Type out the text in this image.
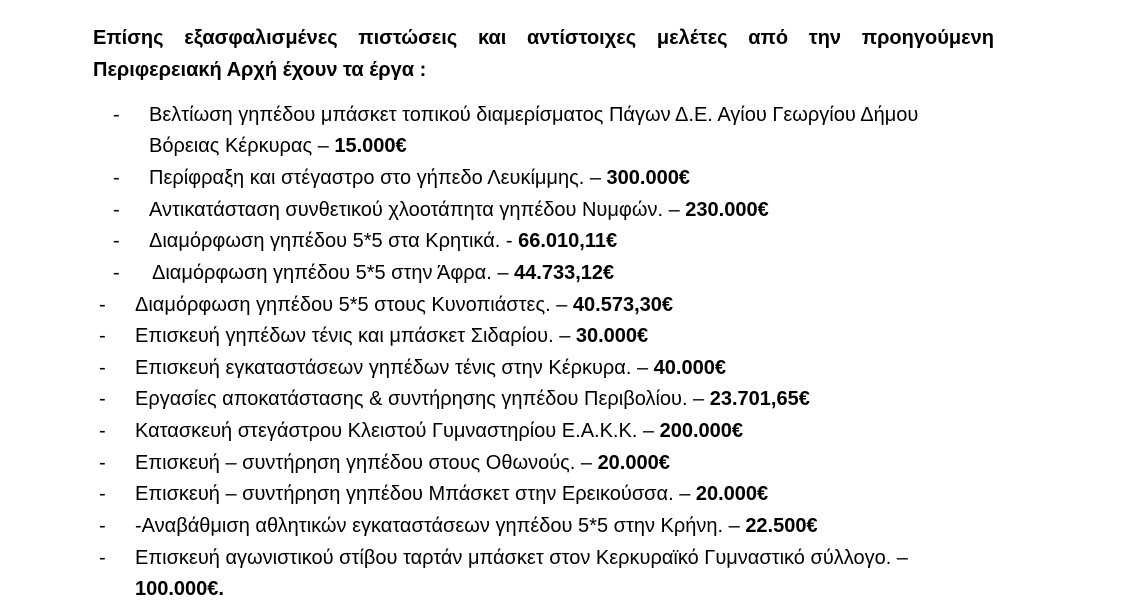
Επίσης εξασφαλισμένες πιστώσεις και αντίστοιχες μελέτες από την προηγούμενη
Περιφερειακή Αρχή έχουν τα έργα :
- Βελτίωση γηπέδου μπάσκετ τοπικού διαμερίσματος Πάγων Δ.Ε. Αγίου Γεωργίου Δήμου
Βόρειας Κέρκυρας – 15.000€
- Περίφραξη και στέγαστρο στο γήπεδο Λευκίμμης. – 300.000€
- Αντικατάσταση συνθετικού χλοοτάπητα γηπέδου Νυμφών. – 230.000€
- Διαμόρφωση γηπέδου 5*5 στα Κρητικά. - 66.010,11€
- Διαμόρφωση γηπέδου 5*5 στην Άφρα. – 44.733,12€
- Διαμόρφωση γηπέδου 5*5 στους Κυνοπιάστες. – 40.573,30€
- Επισκευή γηπέδων τένις και μπάσκετ Σιδαρίου. – 30.000€
- Επισκευή εγκαταστάσεων γηπέδων τένις στην Κέρκυρα. – 40.000€
- Εργασίες αποκατάστασης & συντήρησης γηπέδου Περιβολίου. – 23.701,65€
- Κατασκευή στεγάστρου Κλειστού Γυμναστηρίου Ε.Α.Κ.Κ. – 200.000€
- Επισκευή – συντήρηση γηπέδου στους Οθωνούς. – 20.000€
- Επισκευή – συντήρηση γηπέδου Μπάσκετ στην Ερεικούσσα. – 20.000€
- -Αναβάθμιση αθλητικών εγκαταστάσεων γηπέδου 5*5 στην Κρήνη. – 22.500€
- Επισκευή αγωνιστικού στίβου ταρτάν μπάσκετ στον Κερκυραϊκό Γυμναστικό σύλλογο. –
100.000€.
